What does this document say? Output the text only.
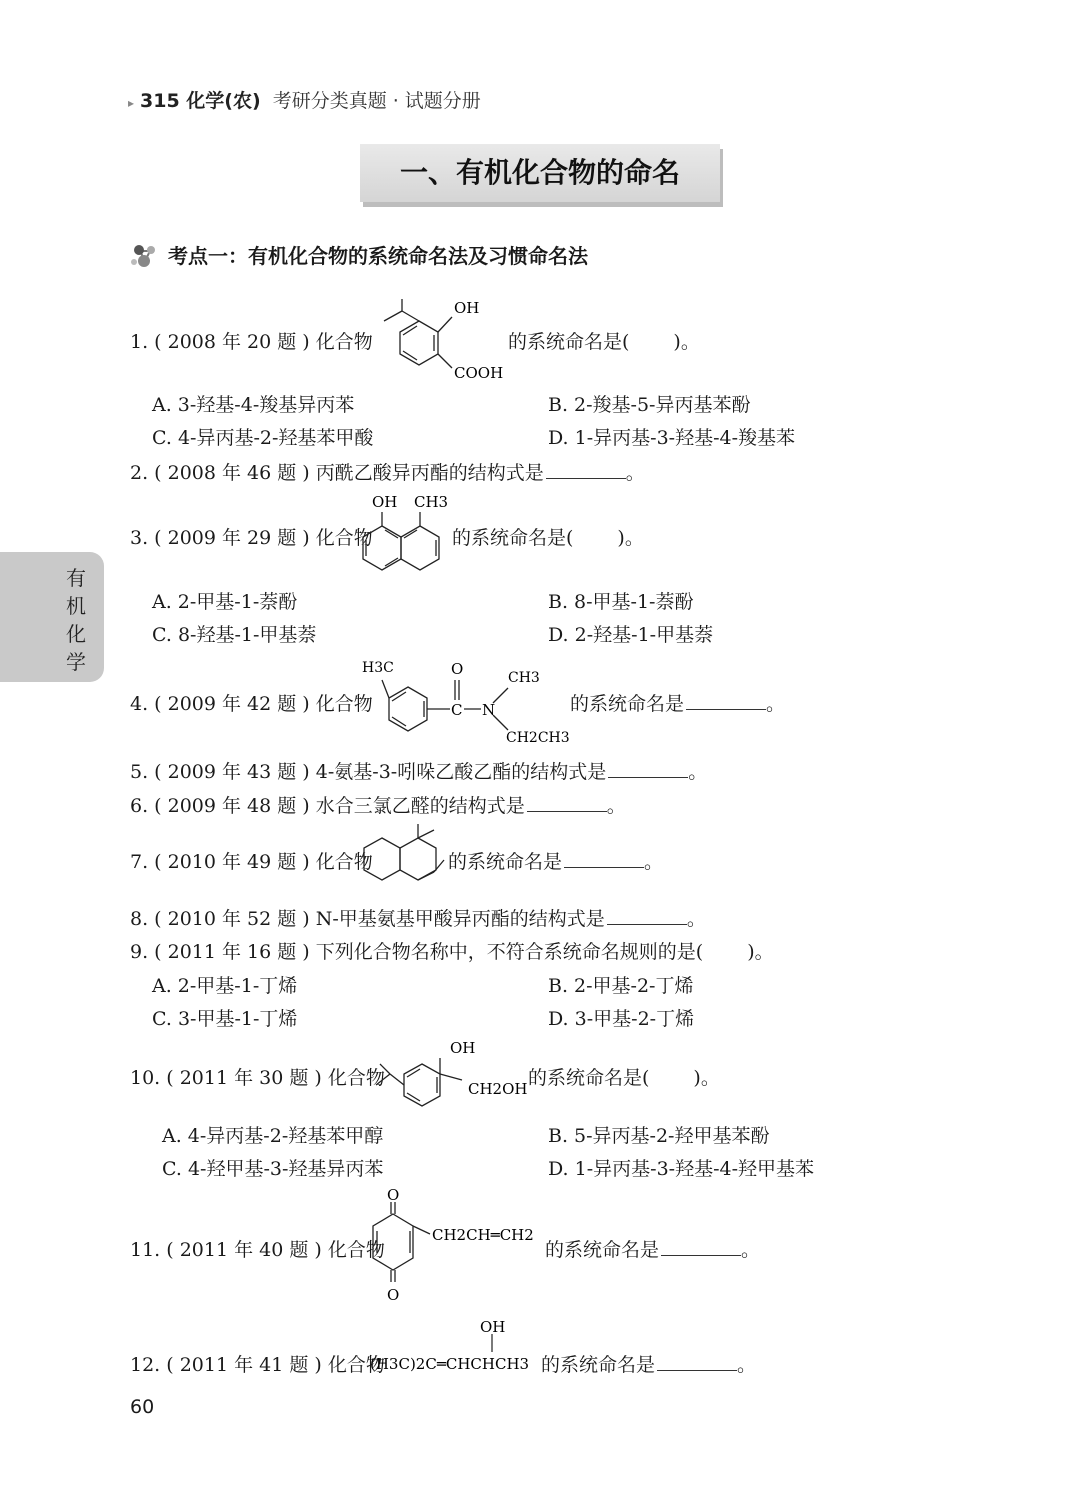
▸ 315 化学(农) 考研分类真题 · 试题分册
一、有机化合物的命名
考点一：有机化合物的系统命名法及习惯命名法
有
机
化
学
1. ( 2008 年 20 题 ) 化合物
OH
COOH
的系统命名是( )。
A. 3-羟基-4-羧基异丙苯	B. 2-羧基-5-异丙基苯酚
C. 4-异丙基-2-羟基苯甲酸	D. 1-异丙基-3-羟基-4-羧基苯
2. ( 2008 年 46 题 ) 丙酰乙酸异丙酯的结构式是	。
3. ( 2009 年 29 题 ) 化合物
OH CH3
的系统命名是( )。
A. 2-甲基-1-萘酚	B. 8-甲基-1-萘酚
C. 8-羟基-1-甲基萘	D. 2-羟基-1-甲基萘
4. ( 2009 年 42 题 ) 化合物
H3C	O
C N
CH3
CH2CH3
的系统命名是	。
5. ( 2009 年 43 题 ) 4-氨基-3-吲哚乙酸乙酯的结构式是	。
6. ( 2009 年 48 题 ) 水合三氯乙醛的结构式是	。
7. ( 2010 年 49 题 ) 化合物	的系统命名是	。
8. ( 2010 年 52 题 ) N-甲基氨基甲酸异丙酯的结构式是	。
9. ( 2011 年 16 题 ) 下列化合物名称中，不符合系统命名规则的是( )。
A. 2-甲基-1-丁烯	B. 2-甲基-2-丁烯
C. 3-甲基-1-丁烯	D. 3-甲基-2-丁烯
10. ( 2011 年 30 题 ) 化合物
OH
CH2OH 的系统命名是( )。
A. 4-异丙基-2-羟基苯甲醇	B. 5-异丙基-2-羟甲基苯酚
C. 4-羟甲基-3-羟基异丙苯	D. 1-异丙基-3-羟基-4-羟甲基苯
11. ( 2011 年 40 题 ) 化合物
O
O
CH2CH═CH2
的系统命名是	。
12. ( 2011 年 41 题 ) 化合物
OH
(H3C)2C═CHCHCH3 的系统命名是	。
60
